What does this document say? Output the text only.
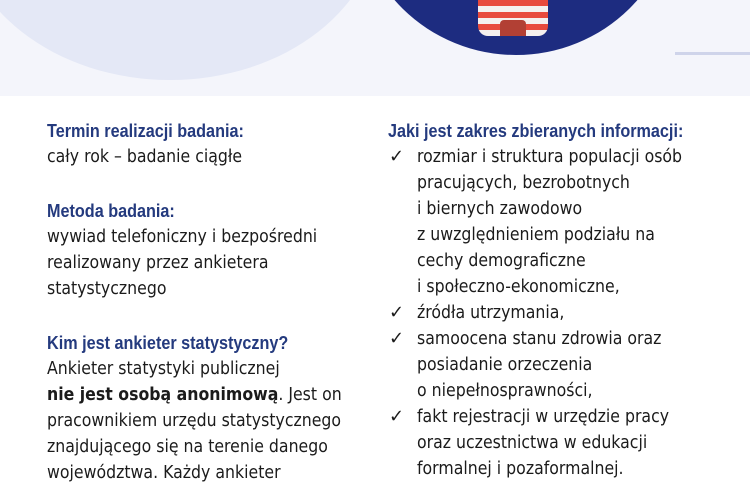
Termin realizacji badania:

cały rok – badanie ciągłe

Metoda badania:

wywiad telefoniczny i bezpośredni

realizowany przez ankietera

statystycznego

Kim jest ankieter statystyczny?

Ankieter statystyki publicznej

nie jest osobą anonimową. Jest on

pracownikiem urzędu statystycznego

znajdującego się na terenie danego

województwa. Każdy ankieter

Jaki jest zakres zbieranych informacji:

✓ rozmiar i struktura populacji osób

pracujących, bezrobotnych

i biernych zawodowo

z uwzględnieniem podziału na

cechy demograficzne

i społeczno-ekonomiczne,

✓ źródła utrzymania,

✓ samoocena stanu zdrowia oraz

posiadanie orzeczenia

o niepełnosprawności,

✓ fakt rejestracji w urzędzie pracy

oraz uczestnictwa w edukacji

formalnej i pozaformalnej.
